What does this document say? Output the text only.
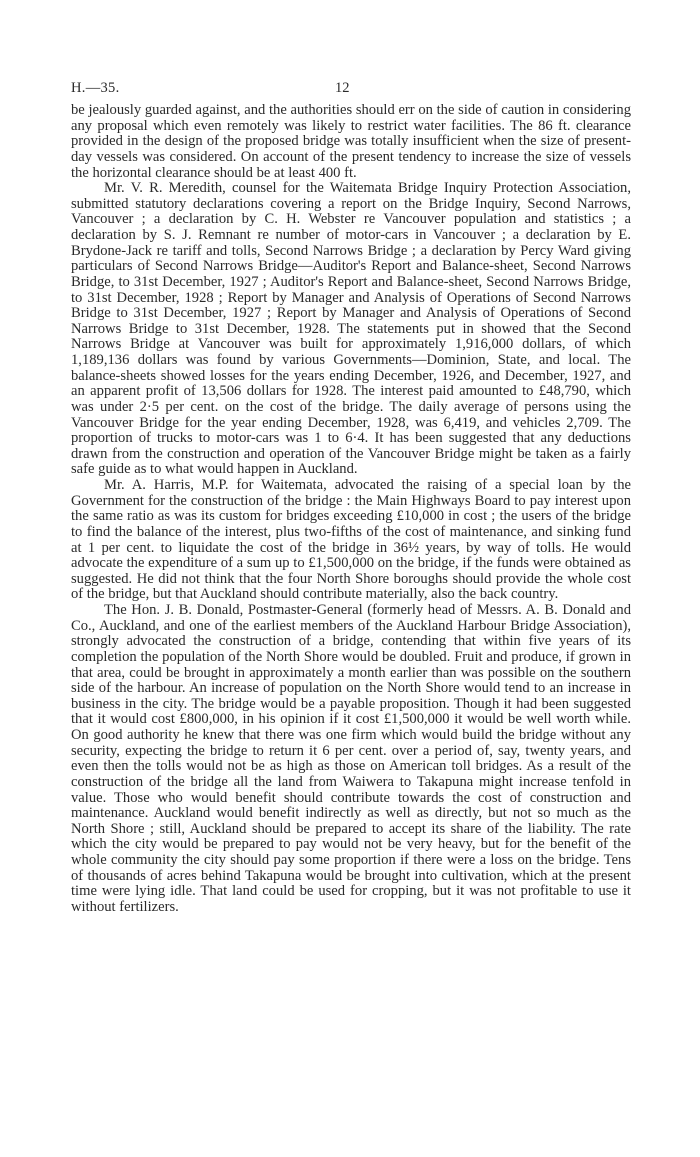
H.—35.	12

be jealously guarded against, and the authorities should err on the side of caution in considering any proposal which even remotely was likely to restrict water facilities. The 86 ft. clearance provided in the design of the proposed bridge was totally insufficient when the size of present-day vessels was considered. On account of the present tendency to increase the size of vessels the horizontal clearance should be at least 400 ft.

Mr. V. R. Meredith, counsel for the Waitemata Bridge Inquiry Protection Association, submitted statutory declarations covering a report on the Bridge Inquiry, Second Narrows, Vancouver ; a declaration by C. H. Webster re Vancouver population and statistics ; a declaration by S. J. Remnant re number of motor-cars in Vancouver ; a declaration by E. Brydone-Jack re tariff and tolls, Second Narrows Bridge ; a declaration by Percy Ward giving particulars of Second Narrows Bridge—Auditor's Report and Balance-sheet, Second Narrows Bridge, to 31st December, 1927 ; Auditor's Report and Balance-sheet, Second Narrows Bridge, to 31st December, 1928 ; Report by Manager and Analysis of Operations of Second Narrows Bridge to 31st December, 1927 ; Report by Manager and Analysis of Operations of Second Narrows Bridge to 31st December, 1928. The statements put in showed that the Second Narrows Bridge at Vancouver was built for approximately 1,916,000 dollars, of which 1,189,136 dollars was found by various Governments—Dominion, State, and local. The balance-sheets showed losses for the years ending December, 1926, and December, 1927, and an apparent profit of 13,506 dollars for 1928. The interest paid amounted to £48,790, which was under 2·5 per cent. on the cost of the bridge. The daily average of persons using the Vancouver Bridge for the year ending December, 1928, was 6,419, and vehicles 2,709. The proportion of trucks to motor-cars was 1 to 6·4. It has been suggested that any deductions drawn from the construction and operation of the Vancouver Bridge might be taken as a fairly safe guide as to what would happen in Auckland.

Mr. A. Harris, M.P. for Waitemata, advocated the raising of a special loan by the Government for the construction of the bridge : the Main Highways Board to pay interest upon the same ratio as was its custom for bridges exceeding £10,000 in cost ; the users of the bridge to find the balance of the interest, plus two-fifths of the cost of maintenance, and sinking fund at 1 per cent. to liquidate the cost of the bridge in 36½ years, by way of tolls. He would advocate the expenditure of a sum up to £1,500,000 on the bridge, if the funds were obtained as suggested. He did not think that the four North Shore boroughs should provide the whole cost of the bridge, but that Auckland should contribute materially, also the back country.

The Hon. J. B. Donald, Postmaster-General (formerly head of Messrs. A. B. Donald and Co., Auckland, and one of the earliest members of the Auckland Harbour Bridge Association), strongly advocated the construction of a bridge, contending that within five years of its completion the population of the North Shore would be doubled. Fruit and produce, if grown in that area, could be brought in approximately a month earlier than was possible on the southern side of the harbour. An increase of population on the North Shore would tend to an increase in business in the city. The bridge would be a payable proposition. Though it had been suggested that it would cost £800,000, in his opinion if it cost £1,500,000 it would be well worth while. On good authority he knew that there was one firm which would build the bridge without any security, expecting the bridge to return it 6 per cent. over a period of, say, twenty years, and even then the tolls would not be as high as those on American toll bridges. As a result of the construction of the bridge all the land from Waiwera to Takapuna might increase tenfold in value. Those who would benefit should contribute towards the cost of construction and maintenance. Auckland would benefit indirectly as well as directly, but not so much as the North Shore ; still, Auckland should be prepared to accept its share of the liability. The rate which the city would be prepared to pay would not be very heavy, but for the benefit of the whole community the city should pay some proportion if there were a loss on the bridge. Tens of thousands of acres behind Takapuna would be brought into cultivation, which at the present time were lying idle. That land could be used for cropping, but it was not profitable to use it without fertilizers.
